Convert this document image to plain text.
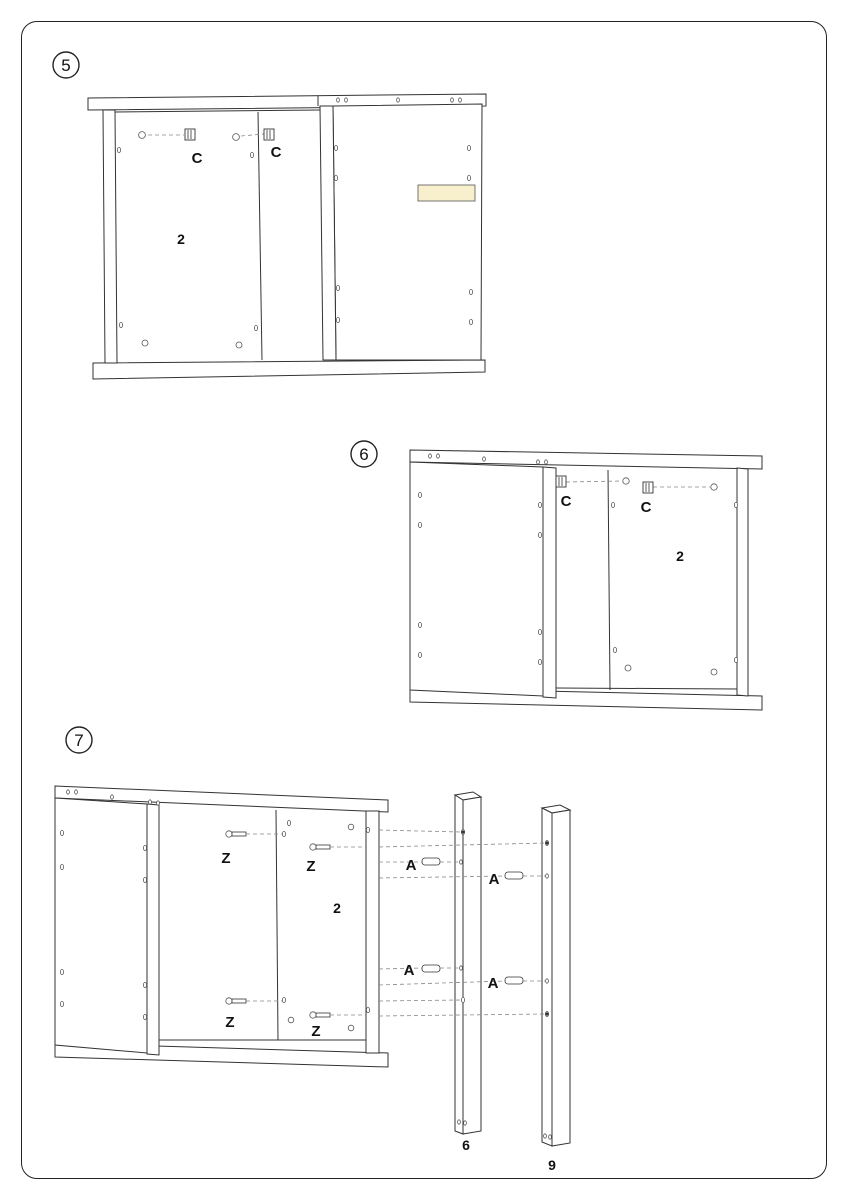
5
C	C
2
6
C	C
2
7
Z	Z
Z
Z
A
A
A
A
2
6
9
